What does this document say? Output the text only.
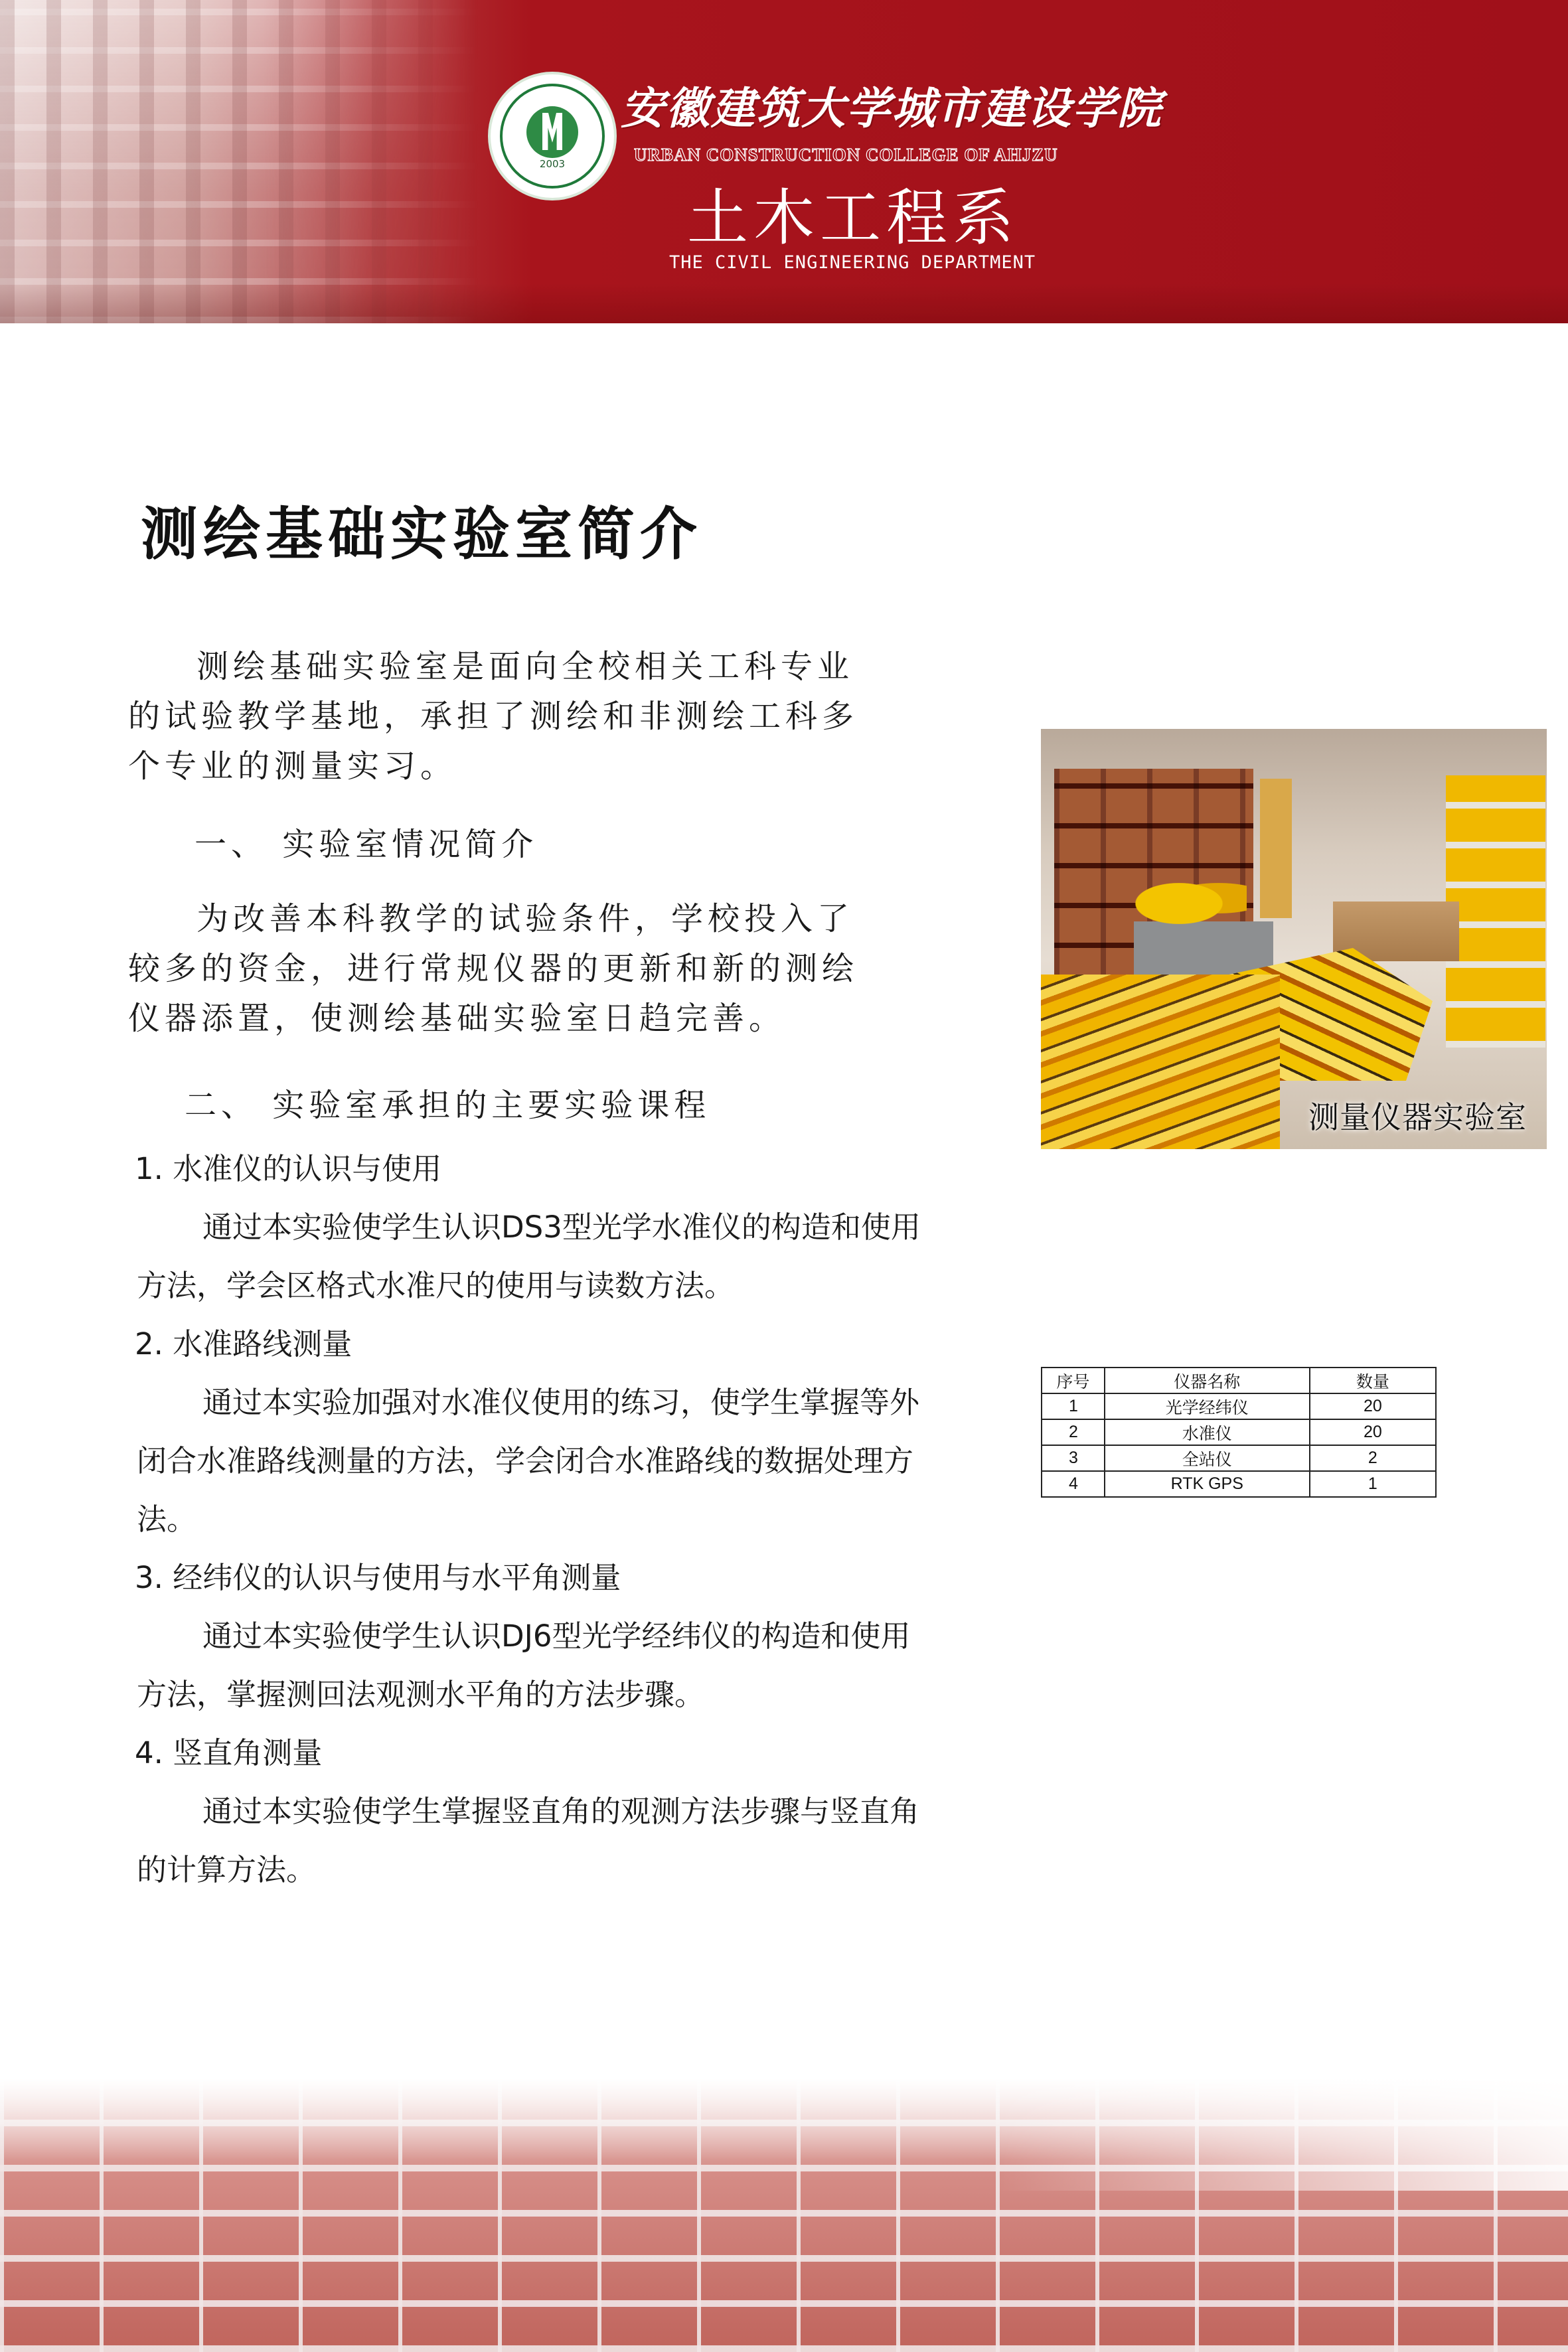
2003
安徽建筑大学城市建设学院
URBAN CONSTRUCTION COLLEGE OF AHJZU
土木工程系
THE CIVIL ENGINEERING DEPARTMENT
测绘基础实验室简介
测绘基础实验室是面向全校相关工科专业
的试验教学基地，承担了测绘和非测绘工科多
个专业的测量实习。
一、 实验室情况简介
为改善本科教学的试验条件，学校投入了
较多的资金，进行常规仪器的更新和新的测绘
仪器添置，使测绘基础实验室日趋完善。
二、 实验室承担的主要实验课程
1. 水准仪的认识与使用
通过本实验使学生认识DS3型光学水准仪的构造和使用
方法，学会区格式水准尺的使用与读数方法。
2. 水准路线测量
通过本实验加强对水准仪使用的练习，使学生掌握等外
闭合水准路线测量的方法，学会闭合水准路线的数据处理方
法。
3. 经纬仪的认识与使用与水平角测量
通过本实验使学生认识DJ6型光学经纬仪的构造和使用
方法，掌握测回法观测水平角的方法步骤。
4. 竖直角测量
通过本实验使学生掌握竖直角的观测方法步骤与竖直角
的计算方法。
测量仪器实验室
序号	仪器名称	数量
1	光学经纬仪	20
2	水准仪	20
3	全站仪	2
4	RTK GPS	1
